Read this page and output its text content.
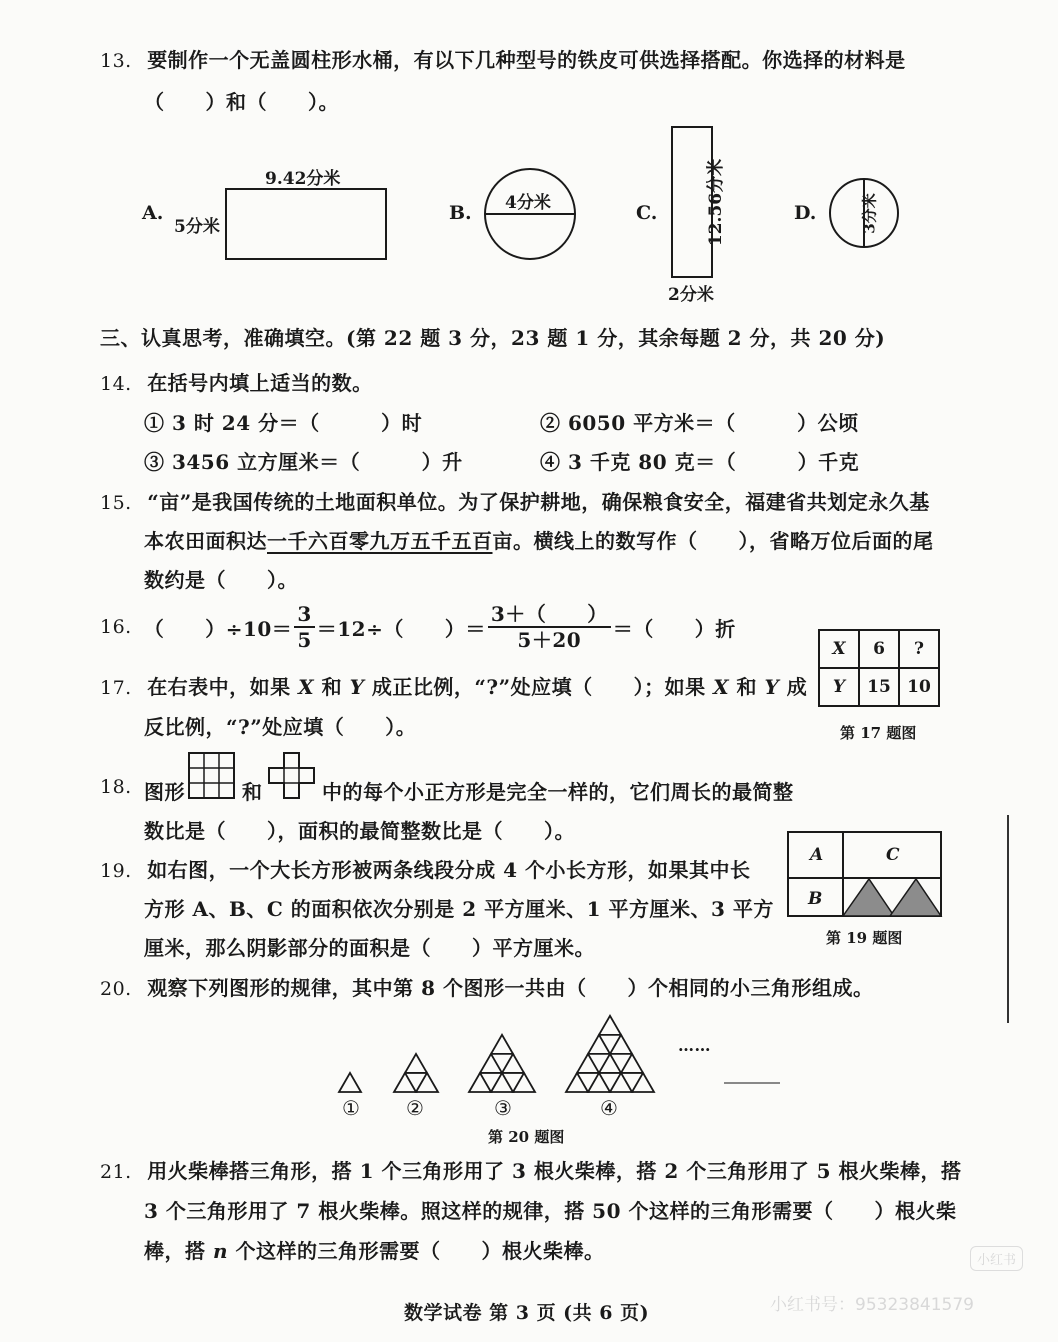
13. 要制作一个无盖圆柱形水桶，有以下几种型号的铁皮可供选择搭配。你选择的材料是
（　　）和（　　）。
A.
5分米
9.42分米
B. 4分米	C.	12.56分米
2分米
D.	3分米
三、认真思考，准确填空。(第 22 题 3 分，23 题 1 分，其余每题 2 分，共 20 分)
14. 在括号内填上适当的数。
① 3 时 24 分＝（　　　）时	② 6050 平方米＝（　　　）公顷
③ 3456 立方厘米＝（　　　）升	④ 3 千克 80 克＝（　　　）千克
15. “亩”是我国传统的土地面积单位。为了保护耕地，确保粮食安全，福建省共划定永久基
本农田面积达一千六百零九万五千五百亩。横线上的数写作（　　），省略万位后面的尾
数约是（　　）。
16. （　　）$\div 10= \frac{3}{5} =12\div$（　　）＝ $\frac{3+( )}{5+20}$ ＝（　　）折
17. 在右表中，如果 X 和 Y 成正比例，“?”处应填（　　）；如果 X 和 Y 成
反比例，“?”处应填（　　）。
X	6	?
Y	15	10
第 17 题图
18. 图形	和	中的每个小正方形是完全一样的，它们周长的最简整
数比是（　　），面积的最简整数比是（　　）。
19. 如右图，一个大长方形被两条线段分成 4 个小长方形，如果其中长
方形 A、B、C 的面积依次分别是 2 平方厘米、1 平方厘米、3 平方
厘米，那么阴影部分的面积是（　　）平方厘米。
A
B
C
第 19 题图
20. 观察下列图形的规律，其中第 8 个图形一共由（　　）个相同的小三角形组成。
① ②	③	④
……
第 20 题图
21. 用火柴棒搭三角形，搭 1 个三角形用了 3 根火柴棒，搭 2 个三角形用了 5 根火柴棒，搭
3 个三角形用了 7 根火柴棒。照这样的规律，搭 50 个这样的三角形需要（　　）根火柴
棒，搭 n 个这样的三角形需要（　　）根火柴棒。	小红书
小红书号：95323841579
数学试卷 第 3 页 (共 6 页)
